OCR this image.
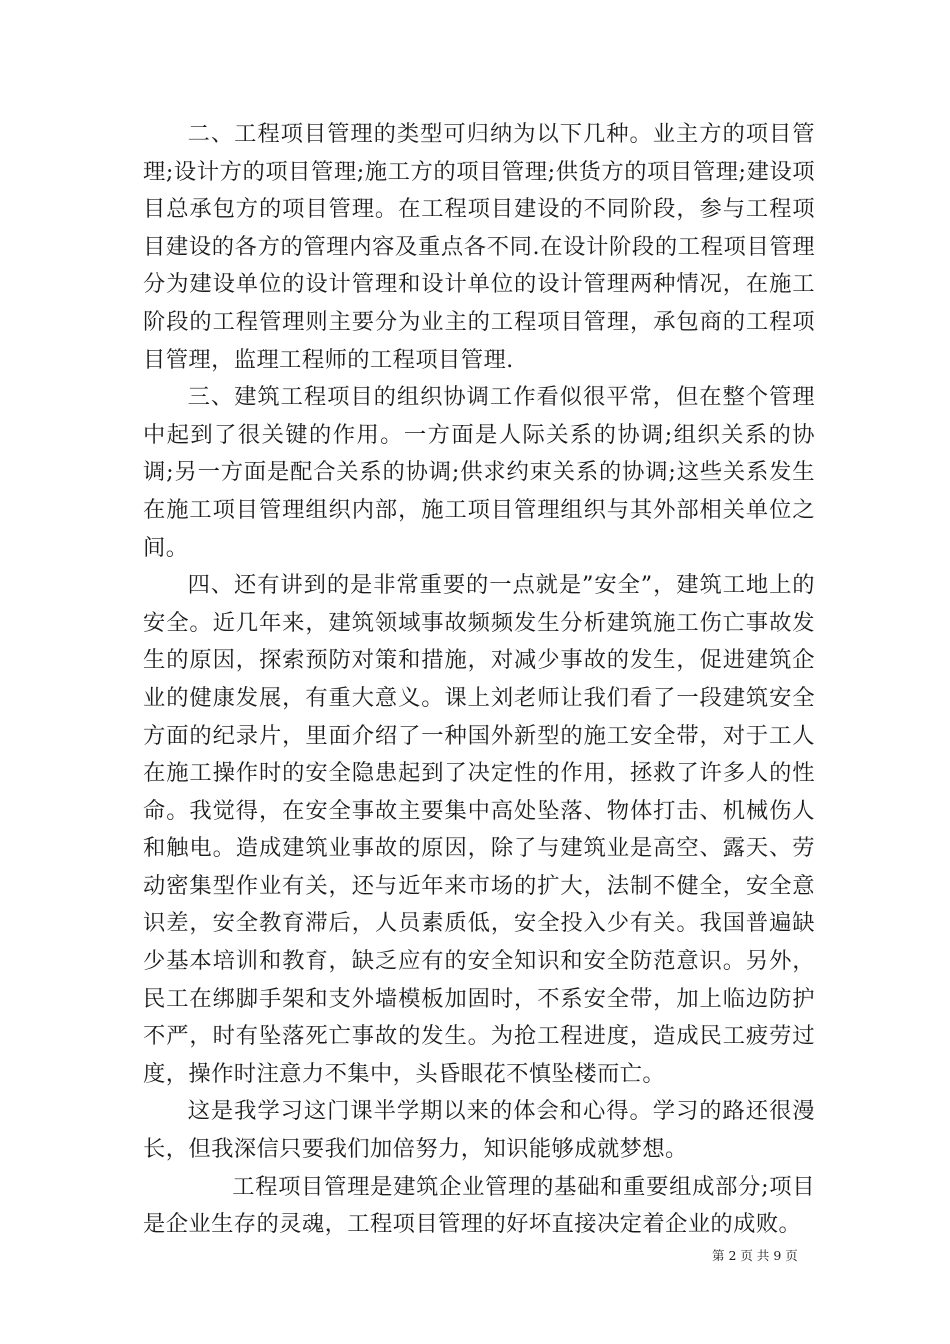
二、工程项目管理的类型可归纳为以下几种。业主方的项目管理;设计方的项目管理;施工方的项目管理;供货方的项目管理;建设项目总承包方的项目管理。在工程项目建设的不同阶段，参与工程项目建设的各方的管理内容及重点各不同.在设计阶段的工程项目管理分为建设单位的设计管理和设计单位的设计管理两种情况，在施工阶段的工程管理则主要分为业主的工程项目管理，承包商的工程项目管理，监理工程师的工程项目管理.

三、建筑工程项目的组织协调工作看似很平常，但在整个管理中起到了很关键的作用。一方面是人际关系的协调;组织关系的协调;另一方面是配合关系的协调;供求约束关系的协调;这些关系发生在施工项目管理组织内部，施工项目管理组织与其外部相关单位之间。

四、还有讲到的是非常重要的一点就是”安全”，建筑工地上的安全。近几年来，建筑领域事故频频发生分析建筑施工伤亡事故发生的原因，探索预防对策和措施，对减少事故的发生，促进建筑企业的健康发展，有重大意义。课上刘老师让我们看了一段建筑安全方面的纪录片，里面介绍了一种国外新型的施工安全带，对于工人在施工操作时的安全隐患起到了决定性的作用，拯救了许多人的性命。我觉得，在安全事故主要集中高处坠落、物体打击、机械伤人和触电。造成建筑业事故的原因，除了与建筑业是高空、露天、劳动密集型作业有关，还与近年来市场的扩大，法制不健全，安全意识差，安全教育滞后，人员素质低，安全投入少有关。我国普遍缺少基本培训和教育，缺乏应有的安全知识和安全防范意识。另外，民工在绑脚手架和支外墙模板加固时，不系安全带，加上临边防护不严，时有坠落死亡事故的发生。为抢工程进度，造成民工疲劳过度，操作时注意力不集中，头昏眼花不慎坠楼而亡。

这是我学习这门课半学期以来的体会和心得。学习的路还很漫长，但我深信只要我们加倍努力，知识能够成就梦想。

工程项目管理是建筑企业管理的基础和重要组成部分;项目是企业生存的灵魂，工程项目管理的好坏直接决定着企业的成败。

第 2 页 共 9 页
